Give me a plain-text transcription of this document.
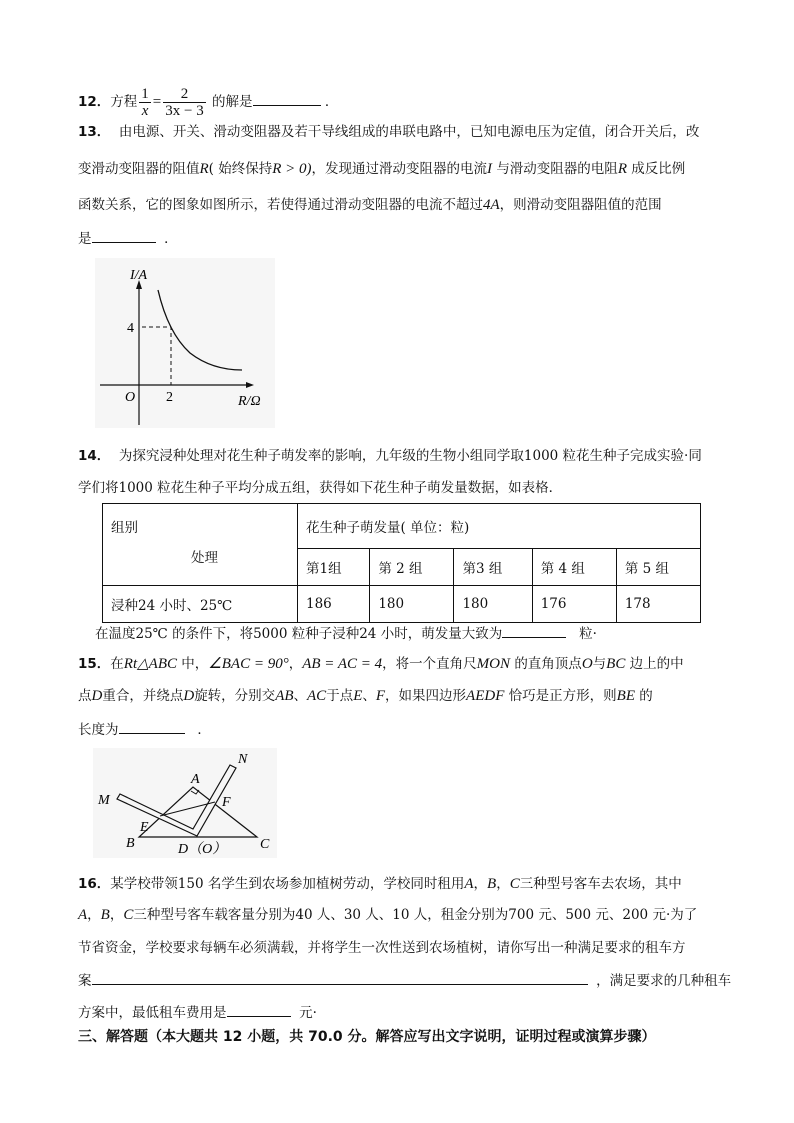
12．方程 $\frac{1}{x} = \frac{2}{3x - 3}$ 的解是	．
13． 由电源、开关、滑动变阻器及若干导线组成的串联电路中，已知电源电压为定值，闭合开关后，改
变滑动变阻器的阻值R( 始终保持R > 0)，发现通过滑动变阻器的电流I 与滑动变阻器的电阻R 成反比例
函数关系，它的图象如图所示，若使得通过滑动变阻器的电流不超过4A，则滑动变阻器阻值的范围
是	．
I/A
R/Ω
O 2
4
14． 为探究浸种处理对花生种子萌发率的影响，九年级的生物小组同学取1000 粒花生种子完成实验·同
学们将1000 粒花生种子平均分成五组，获得如下花生种子萌发量数据，如表格．
组别
处理	花生种子萌发量( 单位：粒)				
	第1组	第 2 组	第3 组	第 4 组	第 5 组
浸种24 小时、25℃	186	180	180	176	178
在温度25℃ 的条件下，将5000 粒种子浸种24 小时，萌发量大致为	粒·
15．在Rt△ABC 中，∠BAC = 90°，AB = AC = 4，将一个直角尺MON 的直角顶点O与BC 边上的中
点D重合，并绕点D旋转，分别交AB、AC于点E、F，如果四边形AEDF 恰巧是正方形，则BE 的
长度为	．
A
B	C
D（O）
E
F
M
N
16．某学校带领150 名学生到农场参加植树劳动，学校同时租用A，B，C三种型号客车去农场，其中
A，B，C三种型号客车载客量分别为40 人、30 人、10 人，租金分别为700 元、500 元、200 元·为了
节省资金，学校要求每辆车必须满载，并将学生一次性送到农场植树，请你写出一种满足要求的租车方
案	，满足要求的几种租车
方案中，最低租车费用是	元·
三、解答题（本大题共 12 小题，共 70.0 分。解答应写出文字说明，证明过程或演算步骤）
